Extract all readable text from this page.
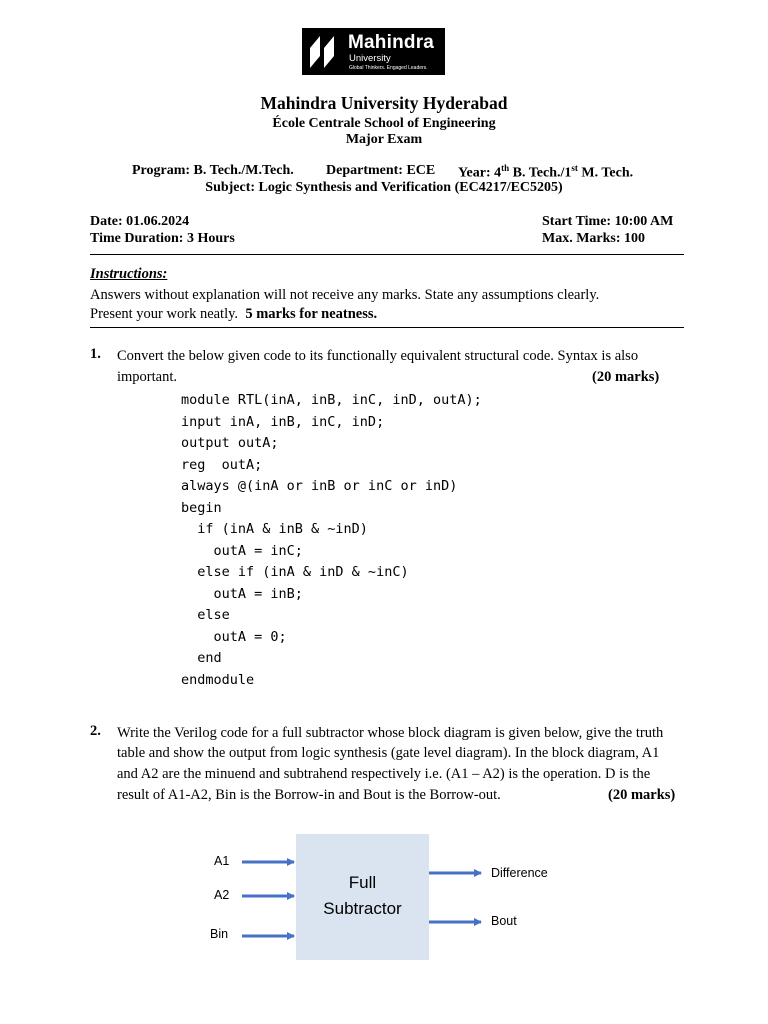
Mahindra
University
Global Thinkers. Engaged Leaders.
Mahindra University Hyderabad
École Centrale School of Engineering
Major Exam
Program: B. Tech./M.Tech. Department: ECE Year: 4th B. Tech./1st M. Tech.
Subject: Logic Synthesis and Verification (EC4217/EC5205)
Date: 01.06.2024
Time Duration: 3 Hours
Start Time: 10:00 AM
Max. Marks: 100
Instructions:
Answers without explanation will not receive any marks. State any assumptions clearly.
Present your work neatly.  5 marks for neatness.
1. Convert the below given code to its functionally equivalent structural code. Syntax is also
important.	(20 marks)
module RTL(inA, inB, inC, inD, outA);
input inA, inB, inC, inD;
output outA;
reg  outA;
always @(inA or inB or inC or inD)
begin
if (inA & inB & ~inD)
outA = inC;
else if (inA & inD & ~inC)
outA = inB;
else
outA = 0;
end
endmodule
2. Write the Verilog code for a full subtractor whose block diagram is given below, give the truth
table and show the output from logic synthesis (gate level diagram). In the block diagram, A1
and A2 are the minuend and subtrahend respectively i.e. (A1 – A2) is the operation. D is the
result of A1-A2, Bin is the Borrow-in and Bout is the Borrow-out.	(20 marks)
A1
A2
Bin
Full
Subtractor
Difference
Bout
